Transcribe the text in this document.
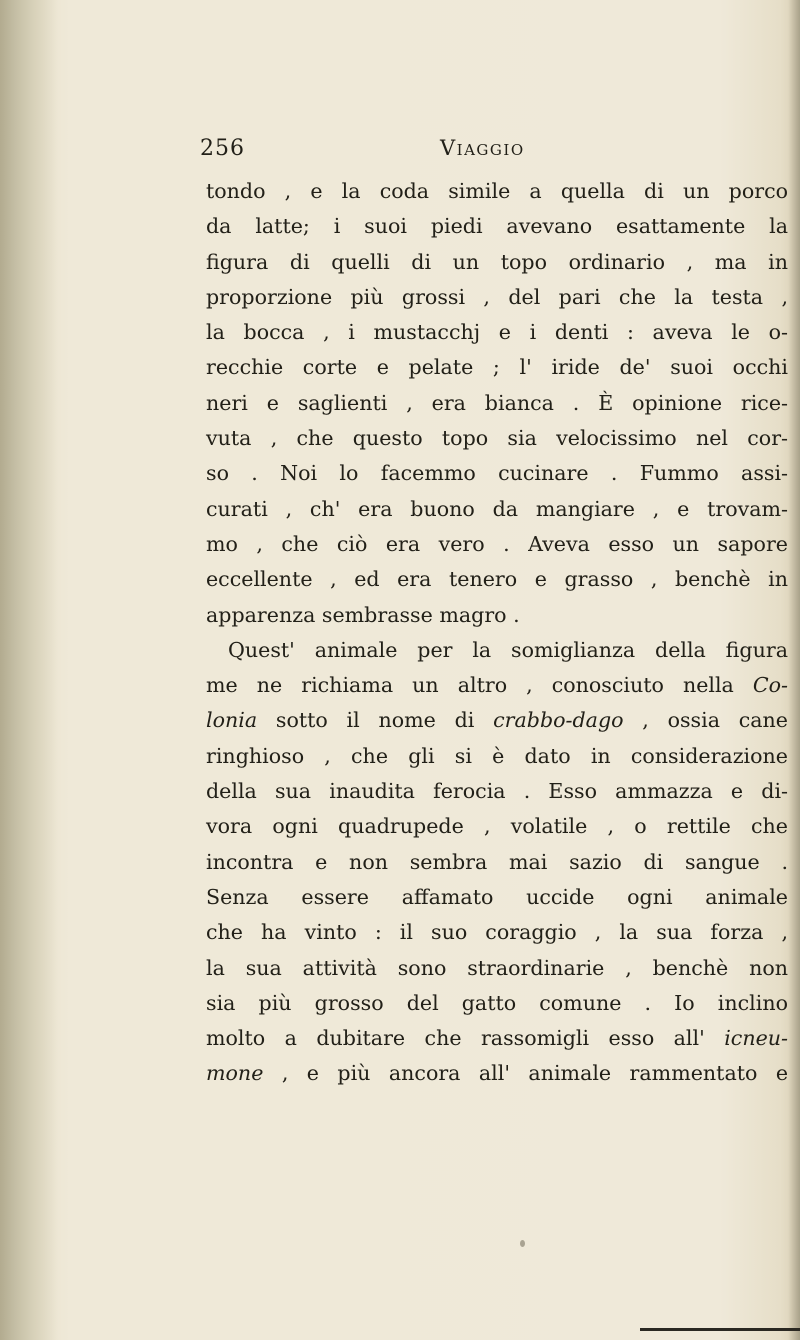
256	Viaggio
tondo , e la coda simile a quella di un porco
da latte; i suoi piedi avevano esattamente la
figura di quelli di un topo ordinario , ma in
proporzione più grossi , del pari che la testa ,
la bocca , i mustacchj e i denti : aveva le o-
recchie corte e pelate ; l' iride de' suoi occhi
neri e saglienti , era bianca . È opinione rice-
vuta , che questo topo sia velocissimo nel cor-
so . Noi lo facemmo cucinare . Fummo assi-
curati , ch' era buono da mangiare , e trovam-
mo , che ciò era vero . Aveva esso un sapore
eccellente , ed era tenero e grasso , benchè in
apparenza sembrasse magro .
Quest' animale per la somiglianza della figura
me ne richiama un altro , conosciuto nella Co-
lonia sotto il nome di crabbo-dago , ossia cane
ringhioso , che gli si è dato in considerazione
della sua inaudita ferocia . Esso ammazza e di-
vora ogni quadrupede , volatile , o rettile che
incontra e non sembra mai sazio di sangue .
Senza essere affamato uccide ogni animale
che ha vinto : il suo coraggio , la sua forza ,
la sua attività sono straordinarie , benchè non
sia più grosso del gatto comune . Io inclino
molto a dubitare che rassomigli esso all' icneu-
mone , e più ancora all' animale rammentato e
